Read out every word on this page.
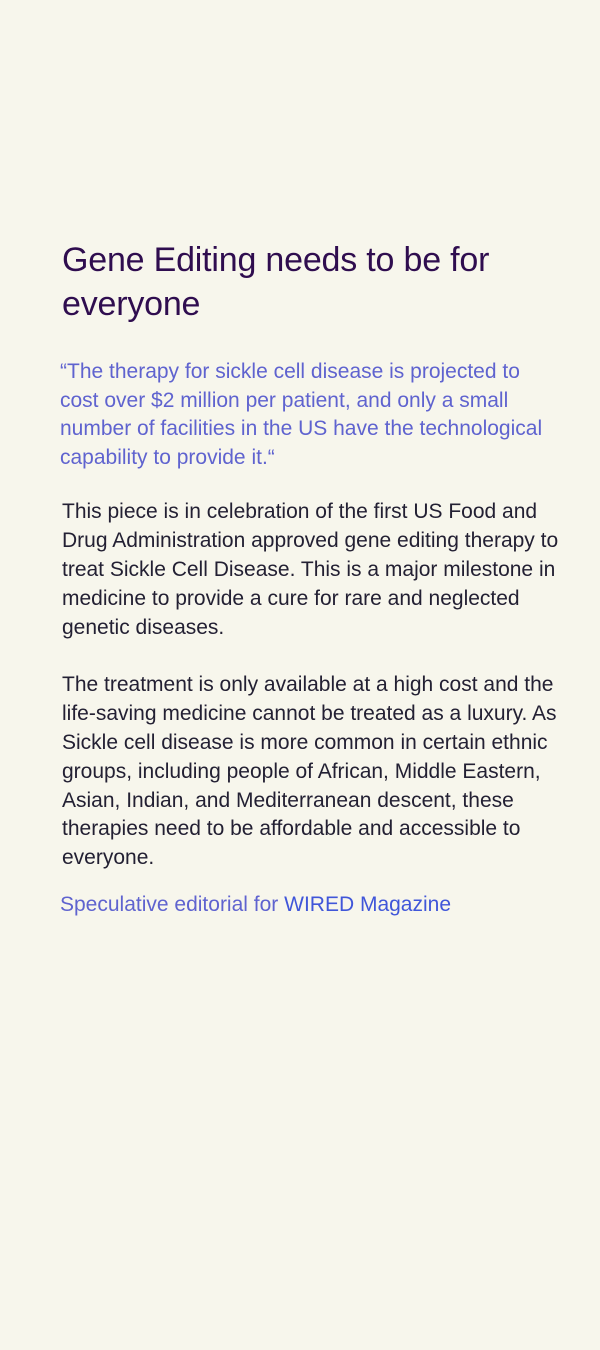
Gene Editing needs to be for everyone

“The therapy for sickle cell disease is projected to cost over $2 million per patient, and only a small number of facilities in the US have the technological capability to provide it.“

This piece is in celebration of the first US Food and Drug Administration approved gene editing therapy to treat Sickle Cell Disease. This is a major milestone in medicine to provide a cure for rare and neglected genetic diseases.

The treatment is only available at a high cost and the life-saving medicine cannot be treated as a luxury. As Sickle cell disease is more common in certain ethnic groups, including people of African, Middle Eastern, Asian, Indian, and Mediterranean descent, these therapies need to be affordable and accessible to everyone.

Speculative editorial for WIRED Magazine
